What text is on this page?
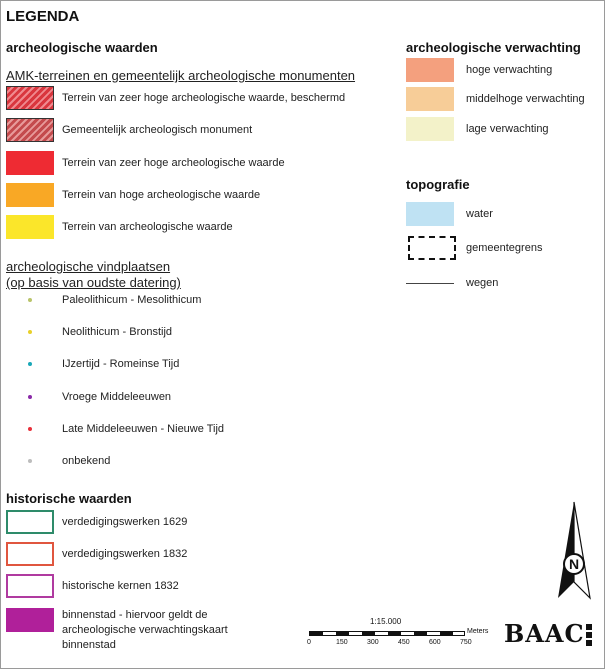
LEGENDA
archeologische waarden
AMK-terreinen en gemeentelijk archeologische monumenten
Terrein van zeer hoge archeologische waarde, beschermd
Gemeentelijk archeologisch monument
Terrein van zeer hoge archeologische waarde
Terrein van hoge archeologische waarde
Terrein van archeologische waarde
archeologische vindplaatsen
(op basis van oudste datering)
Paleolithicum - Mesolithicum
Neolithicum - Bronstijd
IJzertijd - Romeinse Tijd
Vroege Middeleeuwen
Late Middeleeuwen - Nieuwe Tijd
onbekend
historische waarden
verdedigingswerken 1629
verdedigingswerken 1832
historische kernen 1832
binnenstad - hiervoor geldt de
archeologische verwachtingskaart
binnenstad
archeologische verwachting
hoge verwachting
middelhoge verwachting
lage verwachting
topografie
water
gemeentegrens
wegen
N
1:15.000
Meters
0	150	300	450	600	750 BAAC
